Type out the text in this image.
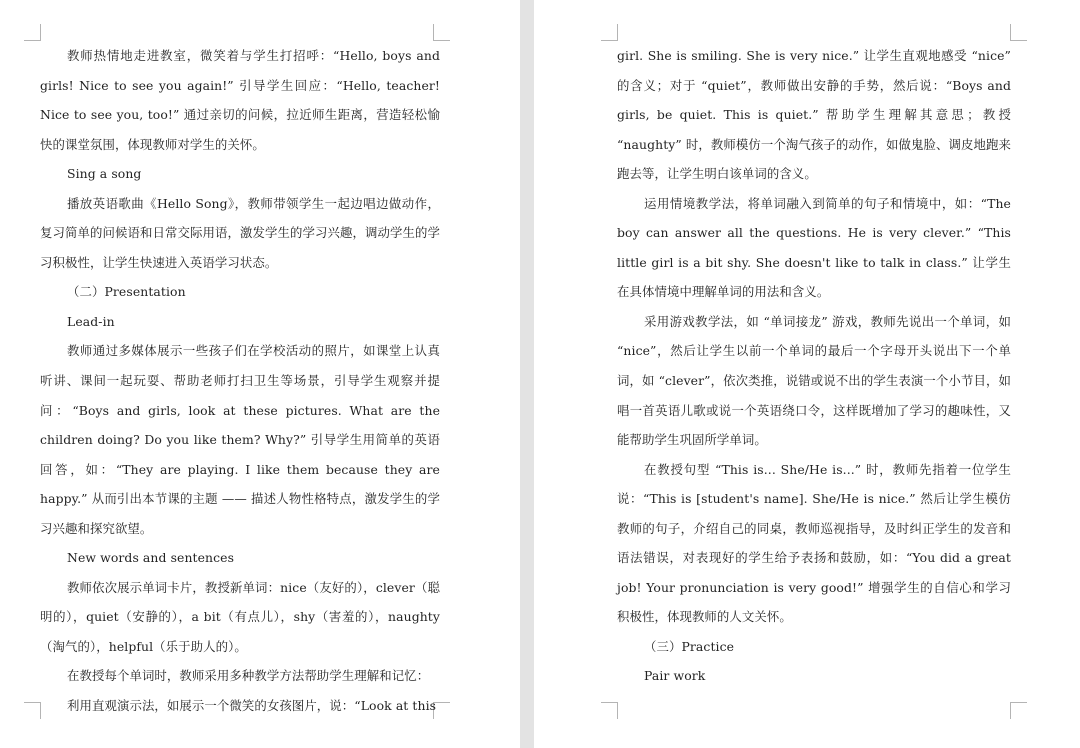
教师热情地走进教室，微笑着与学生打招呼：“Hello, boys and girls! Nice to see you again!” 引导学生回应：“Hello, teacher! Nice to see you, too!” 通过亲切的问候，拉近师生距离，营造轻松愉快的课堂氛围，体现教师对学生的关怀。

Sing a song

播放英语歌曲《Hello Song》，教师带领学生一起边唱边做动作，复习简单的问候语和日常交际用语，激发学生的学习兴趣，调动学生的学习积极性，让学生快速进入英语学习状态。

（二）Presentation

Lead-in

教师通过多媒体展示一些孩子们在学校活动的照片，如课堂上认真听讲、课间一起玩耍、帮助老师打扫卫生等场景，引导学生观察并提问：“Boys and girls, look at these pictures. What are the children doing? Do you like them? Why?” 引导学生用简单的英语回答，如：“They are playing. I like them because they are happy.” 从而引出本节课的主题 —— 描述人物性格特点，激发学生的学习兴趣和探究欲望。

New words and sentences

教师依次展示单词卡片，教授新单词：nice（友好的），clever（聪明的），quiet（安静的），a bit（有点儿），shy（害羞的），naughty（淘气的），helpful（乐于助人的）。

在教授每个单词时，教师采用多种教学方法帮助学生理解和记忆：

利用直观演示法，如展示一个微笑的女孩图片，说：“Look at this

girl. She is smiling. She is very nice.” 让学生直观地感受 “nice” 的含义；对于 “quiet”，教师做出安静的手势，然后说：“Boys and girls, be quiet. This is quiet.” 帮助学生理解其意思；教授 “naughty” 时，教师模仿一个淘气孩子的动作，如做鬼脸、调皮地跑来跑去等，让学生明白该单词的含义。

运用情境教学法，将单词融入到简单的句子和情境中，如：“The boy can answer all the questions. He is very clever.” “This little girl is a bit shy. She doesn't like to talk in class.” 让学生在具体情境中理解单词的用法和含义。

采用游戏教学法，如 “单词接龙” 游戏，教师先说出一个单词，如 “nice”，然后让学生以前一个单词的最后一个字母开头说出下一个单词，如 “clever”，依次类推，说错或说不出的学生表演一个小节目，如唱一首英语儿歌或说一个英语绕口令，这样既增加了学习的趣味性，又能帮助学生巩固所学单词。

在教授句型 “This is... She/He is...” 时，教师先指着一位学生说：“This is [student's name]. She/He is nice.” 然后让学生模仿教师的句子，介绍自己的同桌，教师巡视指导，及时纠正学生的发音和语法错误，对表现好的学生给予表扬和鼓励，如：“You did a great job! Your pronunciation is very good!” 增强学生的自信心和学习积极性，体现教师的人文关怀。

（三）Practice

Pair work
